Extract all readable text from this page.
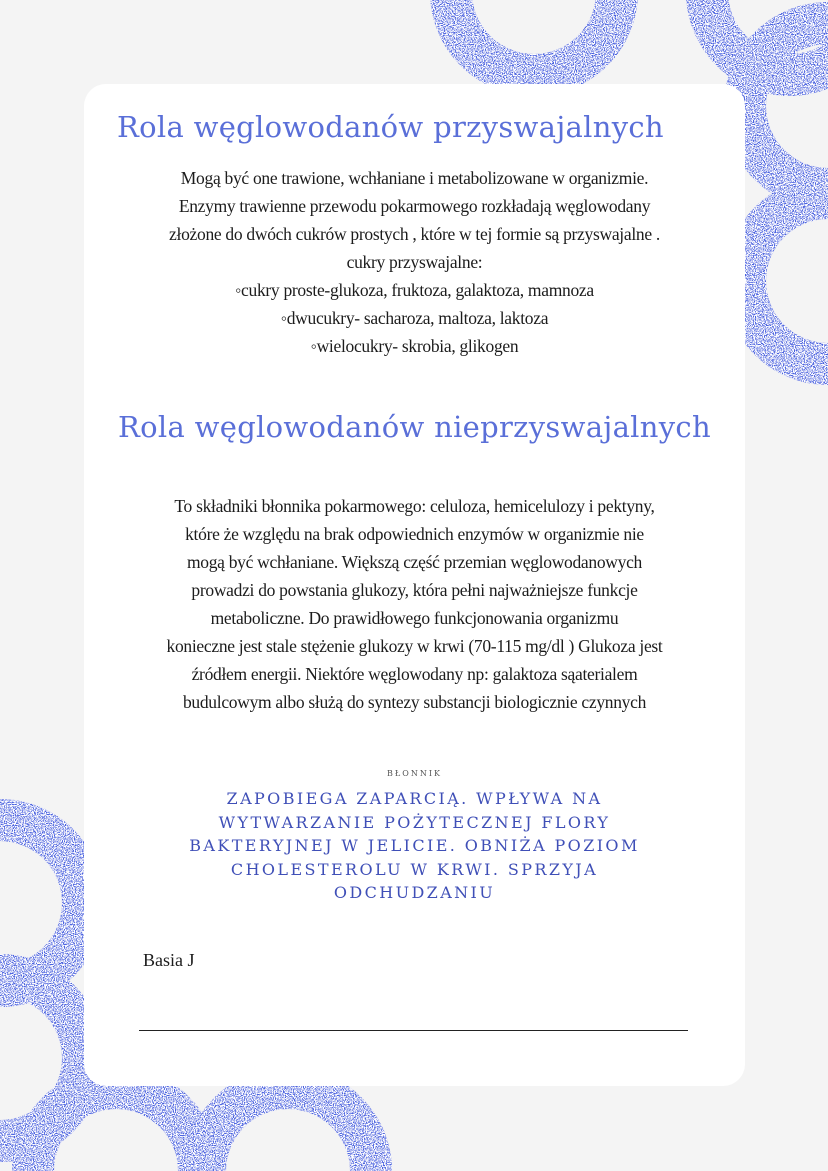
Rola węglowodanów przyswajalnych
Mogą być one trawione, wchłaniane i metabolizowane w organizmie.
Enzymy trawienne przewodu pokarmowego rozkładają węglowodany
złożone do dwóch cukrów prostych , które w tej formie są przyswajalne .
cukry przyswajalne:
◦cukry proste-glukoza, fruktoza, galaktoza, mamnoza
◦dwucukry- sacharoza, maltoza, laktoza
◦wielocukry- skrobia, glikogen
Rola węglowodanów nieprzyswajalnych
To składniki błonnika pokarmowego: celuloza, hemicelulozy i pektyny,
które że względu na brak odpowiednich enzymów w organizmie nie
mogą być wchłaniane. Większą część przemian węglowodanowych
prowadzi do powstania glukozy, która pełni najważniejsze funkcje
metaboliczne. Do prawidłowego funkcjonowania organizmu
konieczne jest stale stężenie glukozy w krwi (70-115 mg/dl ) Glukoza jest
źródłem energii. Niektóre węglowodany np: galaktoza sąaterialem
budulcowym albo służą do syntezy substancji biologicznie czynnych
BŁONNIK
ZAPOBIEGA ZAPARCIĄ. WPŁYWA NA
WYTWARZANIE POŻYTECZNEJ FLORY
BAKTERYJNEJ W JELICIE. OBNIŻA POZIOM
CHOLESTEROLU W KRWI. SPRZYJA
ODCHUDZANIU
Basia J
